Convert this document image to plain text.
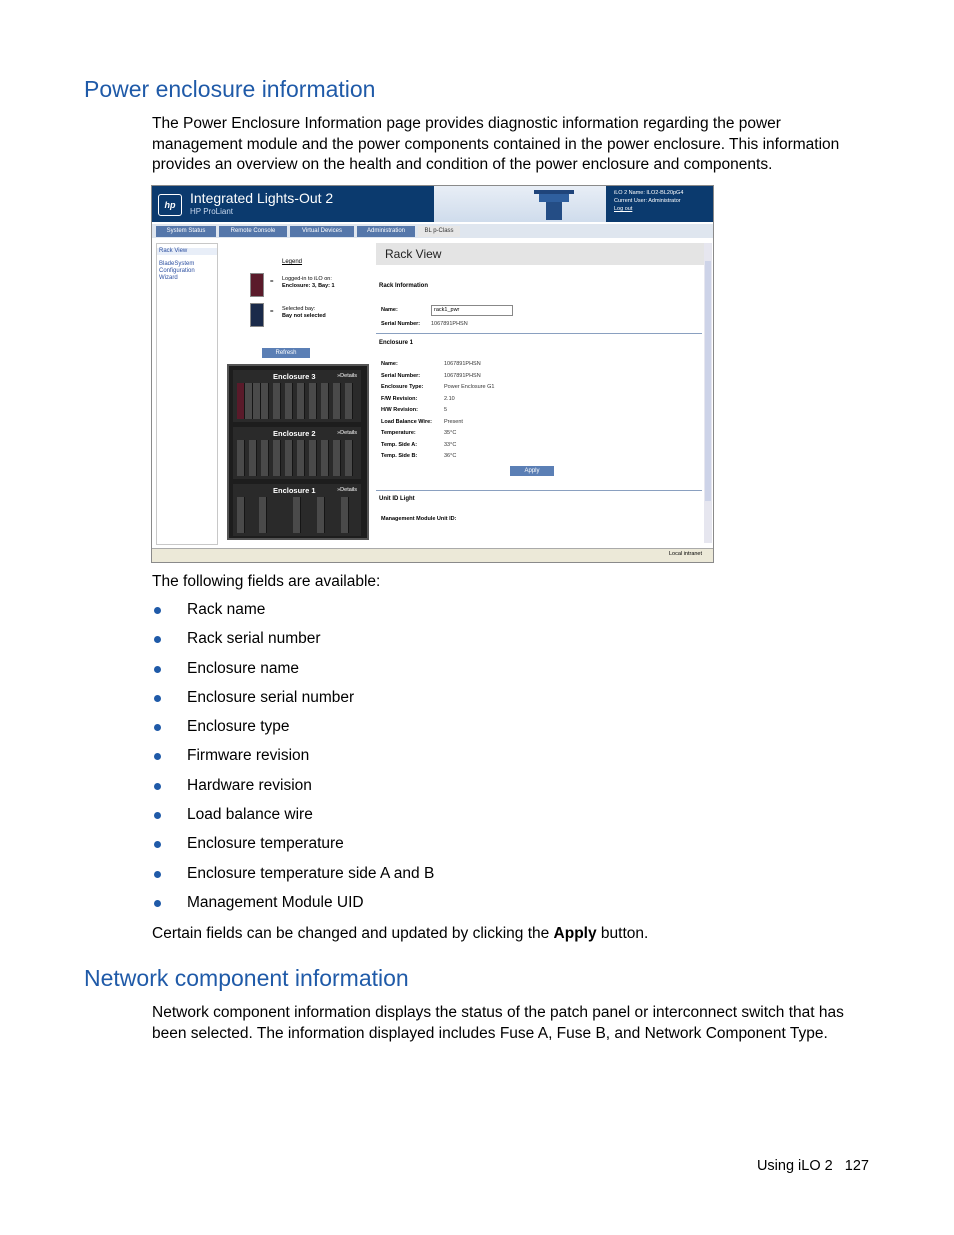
Power enclosure information
The Power Enclosure Information page provides diagnostic information regarding the power management module and the power components contained in the power enclosure. This information provides an overview on the health and condition of the power enclosure and components.
hp	Integrated Lights-Out 2
HP ProLiant
iLO 2 Name: ILO2-BL20pG4
Current User: Administrator
Log out
System Status	Remote Console	Virtual Devices	Administration	BL p-Class
Rack View
BladeSystem
Configuration
Wizard
Legend
= Logged-in to iLO on:
Enclosure: 3, Bay: 1
= Selected bay:
Bay not selected
Refresh
Enclosure 3	»Details
Enclosure 2	»Details
Enclosure 1	»Details
Rack View
Rack Information
Name:	rack1_pwr
Serial Number: 1067891PHSN
Enclosure 1
Name:	1067891PHSN
Serial Number:	1067891PHSN
Enclosure Type:	Power Enclosure G1
F/W Revision:	2.10
H/W Revision:	5
Load Balance Wire: Present
Temperature:	35°C
Temp. Side A:	33°C
Temp. Side B:	36°C
Apply
Unit ID Light
Management Module Unit ID:
Local intranet
The following fields are available:
Rack name
Rack serial number
Enclosure name
Enclosure serial number
Enclosure type
Firmware revision
Hardware revision
Load balance wire
Enclosure temperature
Enclosure temperature side A and B
Management Module UID
Certain fields can be changed and updated by clicking the Apply button.
Network component information
Network component information displays the status of the patch panel or interconnect switch that has been selected. The information displayed includes Fuse A, Fuse B, and Network Component Type.
Using iLO 2 127
